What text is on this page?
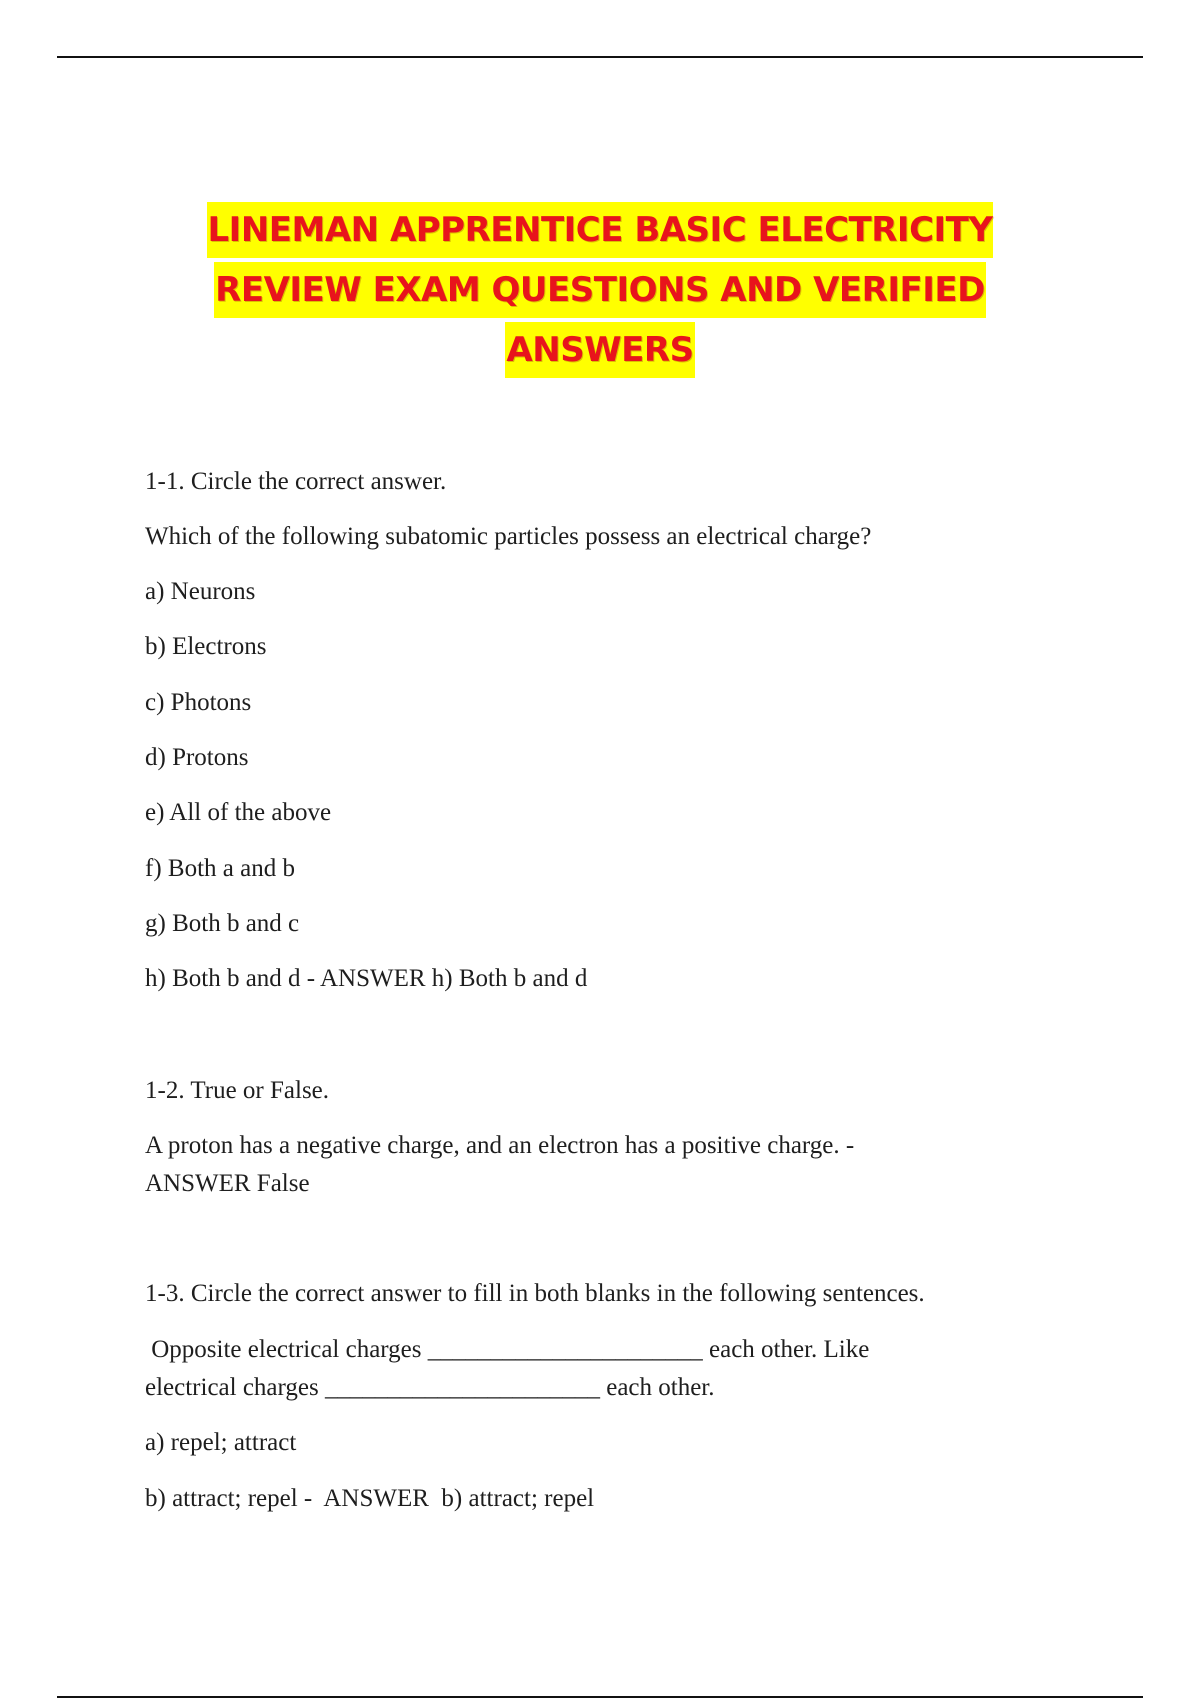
LINEMAN APPRENTICE BASIC ELECTRICITY
REVIEW EXAM QUESTIONS AND VERIFIED
ANSWERS
1-1. Circle the correct answer.
Which of the following subatomic particles possess an electrical charge?
a) Neurons
b) Electrons
c) Photons
d) Protons
e) All of the above
f) Both a and b
g) Both b and c
h) Both b and d - ANSWER h) Both b and d
1-2. True or False.
A proton has a negative charge, and an electron has a positive charge. -
ANSWER False
1-3. Circle the correct answer to fill in both blanks in the following sentences.
Opposite electrical charges ______________________ each other. Like
electrical charges ______________________ each other.
a) repel; attract
b) attract; repel -  ANSWER  b) attract; repel
